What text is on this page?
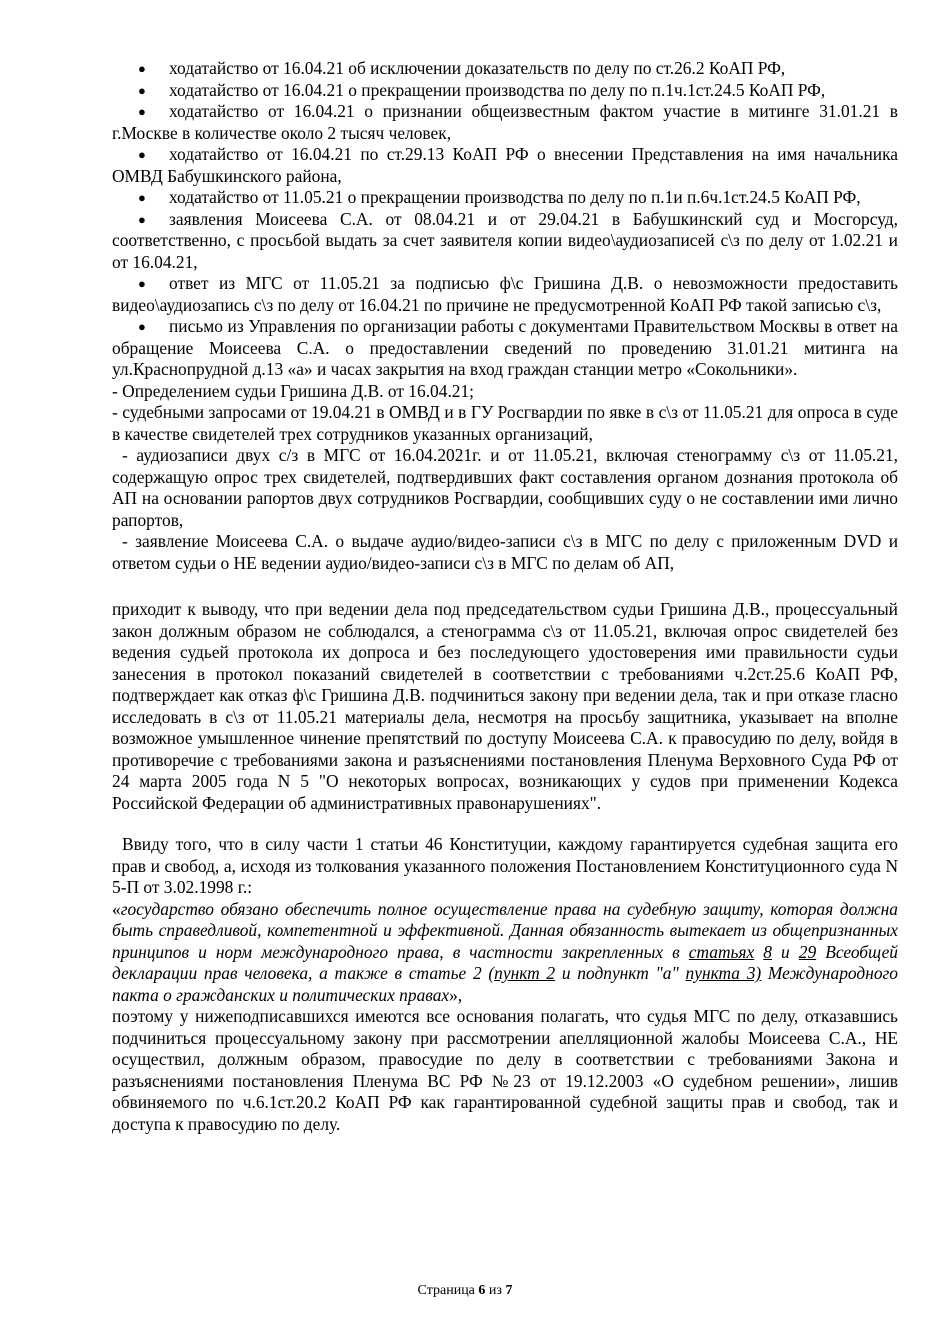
● ходатайство от 16.04.21 об исключении доказательств по делу по ст.26.2 КоАП РФ,

● ходатайство от 16.04.21 о прекращении производства по делу по п.1ч.1ст.24.5 КоАП РФ,

● ходатайство от 16.04.21 о признании общеизвестным фактом участие в митинге 31.01.21 в г.Москве в количестве около 2 тысяч человек,

● ходатайство от 16.04.21 по ст.29.13 КоАП РФ о внесении Представления на имя начальника ОМВД Бабушкинского района,

● ходатайство от 11.05.21 о прекращении производства по делу по п.1и п.6ч.1ст.24.5 КоАП РФ,

● заявления Моисеева С.А. от 08.04.21 и от 29.04.21 в Бабушкинский суд и Мосгорсуд, соответственно, с просьбой выдать за счет заявителя копии видео\аудиозаписей с\з по делу от 1.02.21 и от 16.04.21,

● ответ из МГС от 11.05.21 за подписью ф\с Гришина Д.В. о невозможности предоставить видео\аудиозапись с\з по делу от 16.04.21 по причине не предусмотренной КоАП РФ такой записью с\з,

● письмо из Управления по организации работы с документами Правительством Москвы в ответ на обращение Моисеева С.А. о предоставлении сведений по проведению 31.01.21 митинга на ул.Краснопрудной д.13 «а» и часах закрытия на вход граждан станции метро «Сокольники».

- Определением судьи Гришина Д.В. от 16.04.21;

- судебными запросами от 19.04.21 в ОМВД и в ГУ Росгвардии по явке в с\з от 11.05.21 для опроса в суде в качестве свидетелей трех сотрудников указанных организаций,

- аудиозаписи двух с/з в МГС от 16.04.2021г. и от 11.05.21, включая стенограмму с\з от 11.05.21, содержащую опрос трех свидетелей, подтвердивших факт составления органом дознания протокола об АП на основании рапортов двух сотрудников Росгвардии, сообщивших суду о не составлении ими лично рапортов,

- заявление Моисеева С.А. о выдаче аудио/видео-записи с\з в МГС по делу с приложенным DVD и ответом судьи о НЕ ведении аудио/видео-записи с\з в МГС по делам об АП,

приходит к выводу, что при ведении дела под председательством судьи Гришина Д.В., процессуальный закон должным образом не соблюдался, а стенограмма с\з от 11.05.21, включая опрос свидетелей без ведения судьей протокола их допроса и без последующего удостоверения ими правильности судьи занесения в протокол показаний свидетелей в соответствии с требованиями ч.2ст.25.6 КоАП РФ, подтверждает как отказ ф\с Гришина Д.В. подчиниться закону при ведении дела, так и при отказе гласно исследовать в с\з от 11.05.21 материалы дела, несмотря на просьбу защитника, указывает на вполне возможное умышленное чинение препятствий по доступу Моисеева С.А. к правосудию по делу, войдя в противоречие с требованиями закона и разъяснениями постановления Пленума Верховного Суда РФ от 24 марта 2005 года N 5 "О некоторых вопросах, возникающих у судов при применении Кодекса Российской Федерации об административных правонарушениях".

Ввиду того, что в силу части 1 статьи 46 Конституции, каждому гарантируется судебная защита его прав и свобод, а, исходя из толкования указанного положения Постановлением Конституционного суда N 5-П от 3.02.1998 г.:

«государство обязано обеспечить полное осуществление права на судебную защиту, которая должна быть справедливой, компетентной и эффективной. Данная обязанность вытекает из общепризнанных принципов и норм международного права, в частности закрепленных в статьях 8 и 29 Всеобщей декларации прав человека, а также в статье 2 (пункт 2 и подпункт "а" пункта 3) Международного пакта о гражданских и политических правах»,

поэтому у нижеподписавшихся имеются все основания полагать, что судья МГС по делу, отказавшись подчиниться процессуальному закону при рассмотрении апелляционной жалобы Моисеева С.А., НЕ осуществил, должным образом, правосудие по делу в соответствии с требованиями Закона и разъяснениями постановления Пленума ВС РФ №23 от 19.12.2003 «О судебном решении», лишив обвиняемого по ч.6.1ст.20.2 КоАП РФ как гарантированной судебной защиты прав и свобод, так и доступа к правосудию по делу.

Страница 6 из 7
